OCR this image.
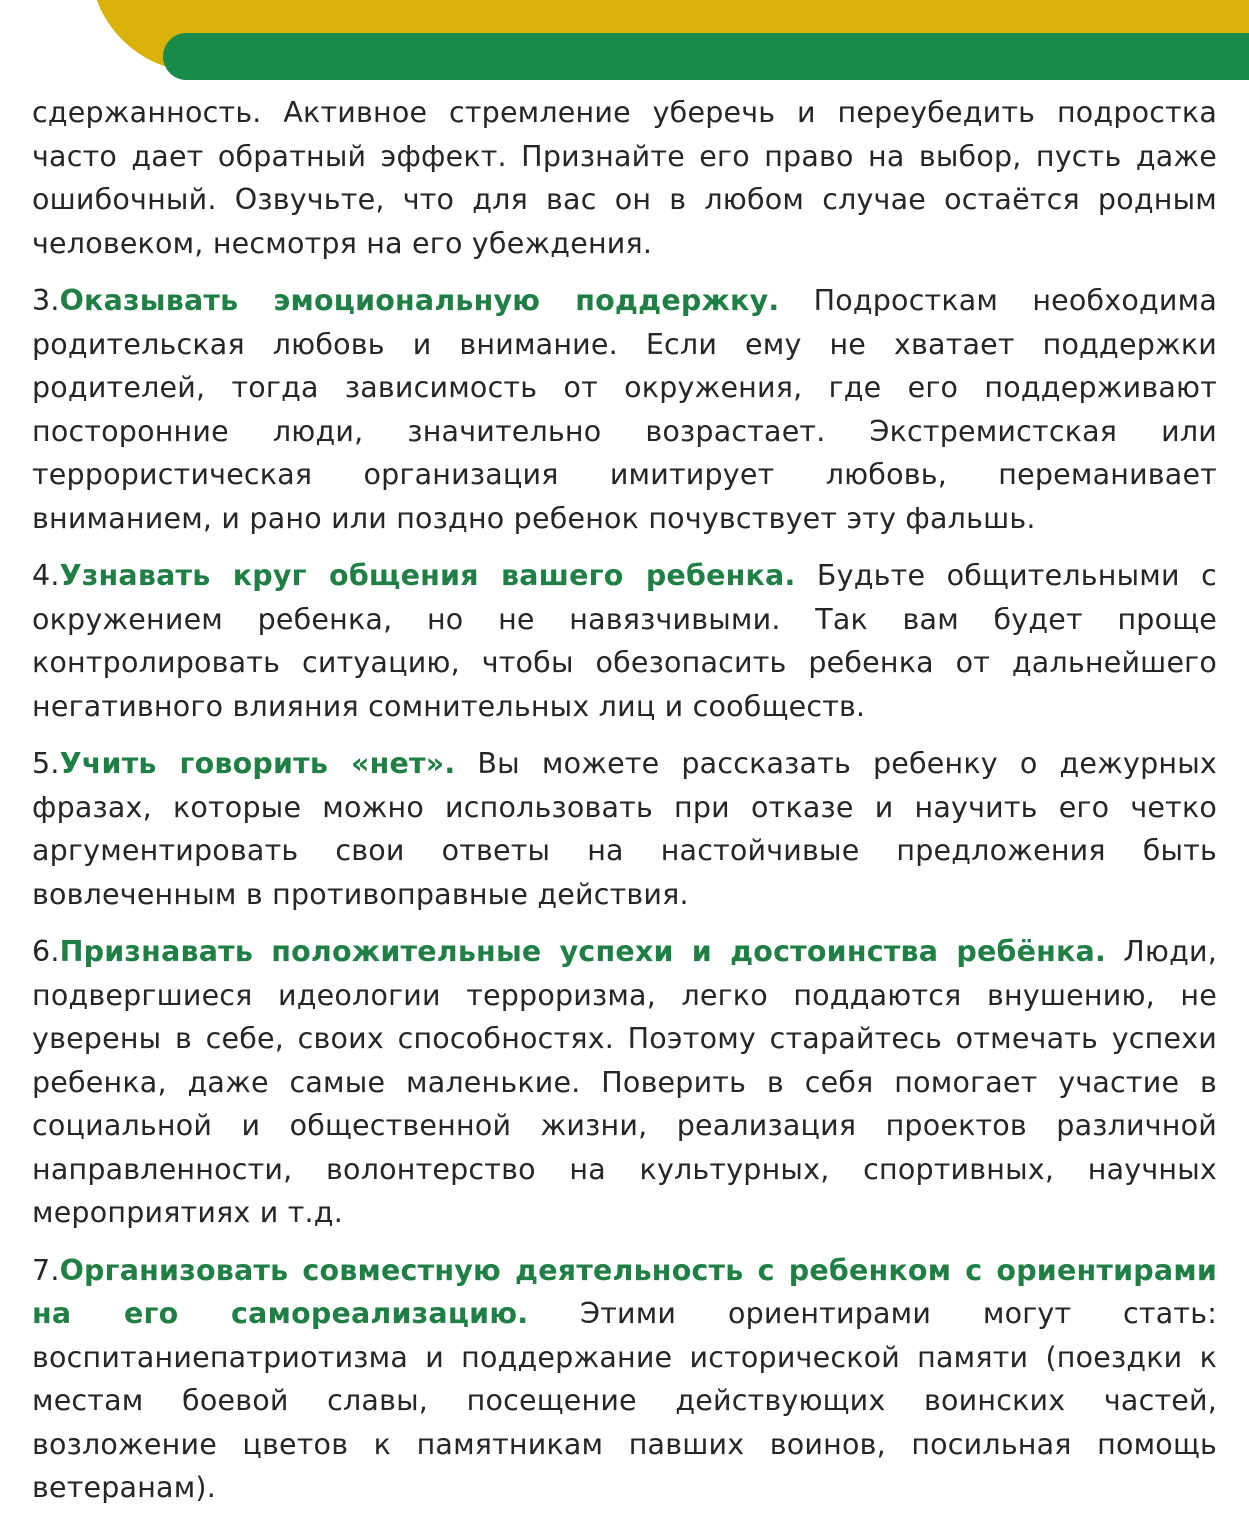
сдержанность. Активное стремление уберечь и переубедить подростка часто дает обратный эффект. Признайте его право на выбор, пусть даже ошибочный. Озвучьте, что для вас он в любом случае остаётся родным человеком, несмотря на его убеждения.

3.Оказывать эмоциональную поддержку. Подросткам необходима родительская любовь и внимание. Если ему не хватает поддержки родителей, тогда зависимость от окружения, где его поддерживают посторонние люди, значительно возрастает. Экстремистская или террористическая организация имитирует любовь, переманивает вниманием, и рано или поздно ребенок почувствует эту фальшь.

4.Узнавать круг общения вашего ребенка. Будьте общительными с окружением ребенка, но не навязчивыми. Так вам будет проще контролировать ситуацию, чтобы обезопасить ребенка от дальнейшего негативного влияния сомнительных лиц и сообществ.

5.Учить говорить «нет». Вы можете рассказать ребенку о дежурных фразах, которые можно использовать при отказе и научить его четко аргументировать свои ответы на настойчивые предложения быть вовлеченным в противоправные действия.

6.Признавать положительные успехи и достоинства ребёнка. Люди, подвергшиеся идеологии терроризма, легко поддаются внушению, не уверены в себе, своих способностях. Поэтому старайтесь отмечать успехи ребенка, даже самые маленькие. Поверить в себя помогает участие в социальной и общественной жизни, реализация проектов различной направленности, волонтерство на культурных, спортивных, научных мероприятиях и т.д.

7.Организовать совместную деятельность с ребенком с ориентирами на его самореализацию. Этими ориентирами могут стать: воспитаниепатриотизма и поддержание исторической памяти (поездки к местам боевой славы, посещение действующих воинских частей, возложение цветов к памятникам павших воинов, посильная помощь ветеранам).
